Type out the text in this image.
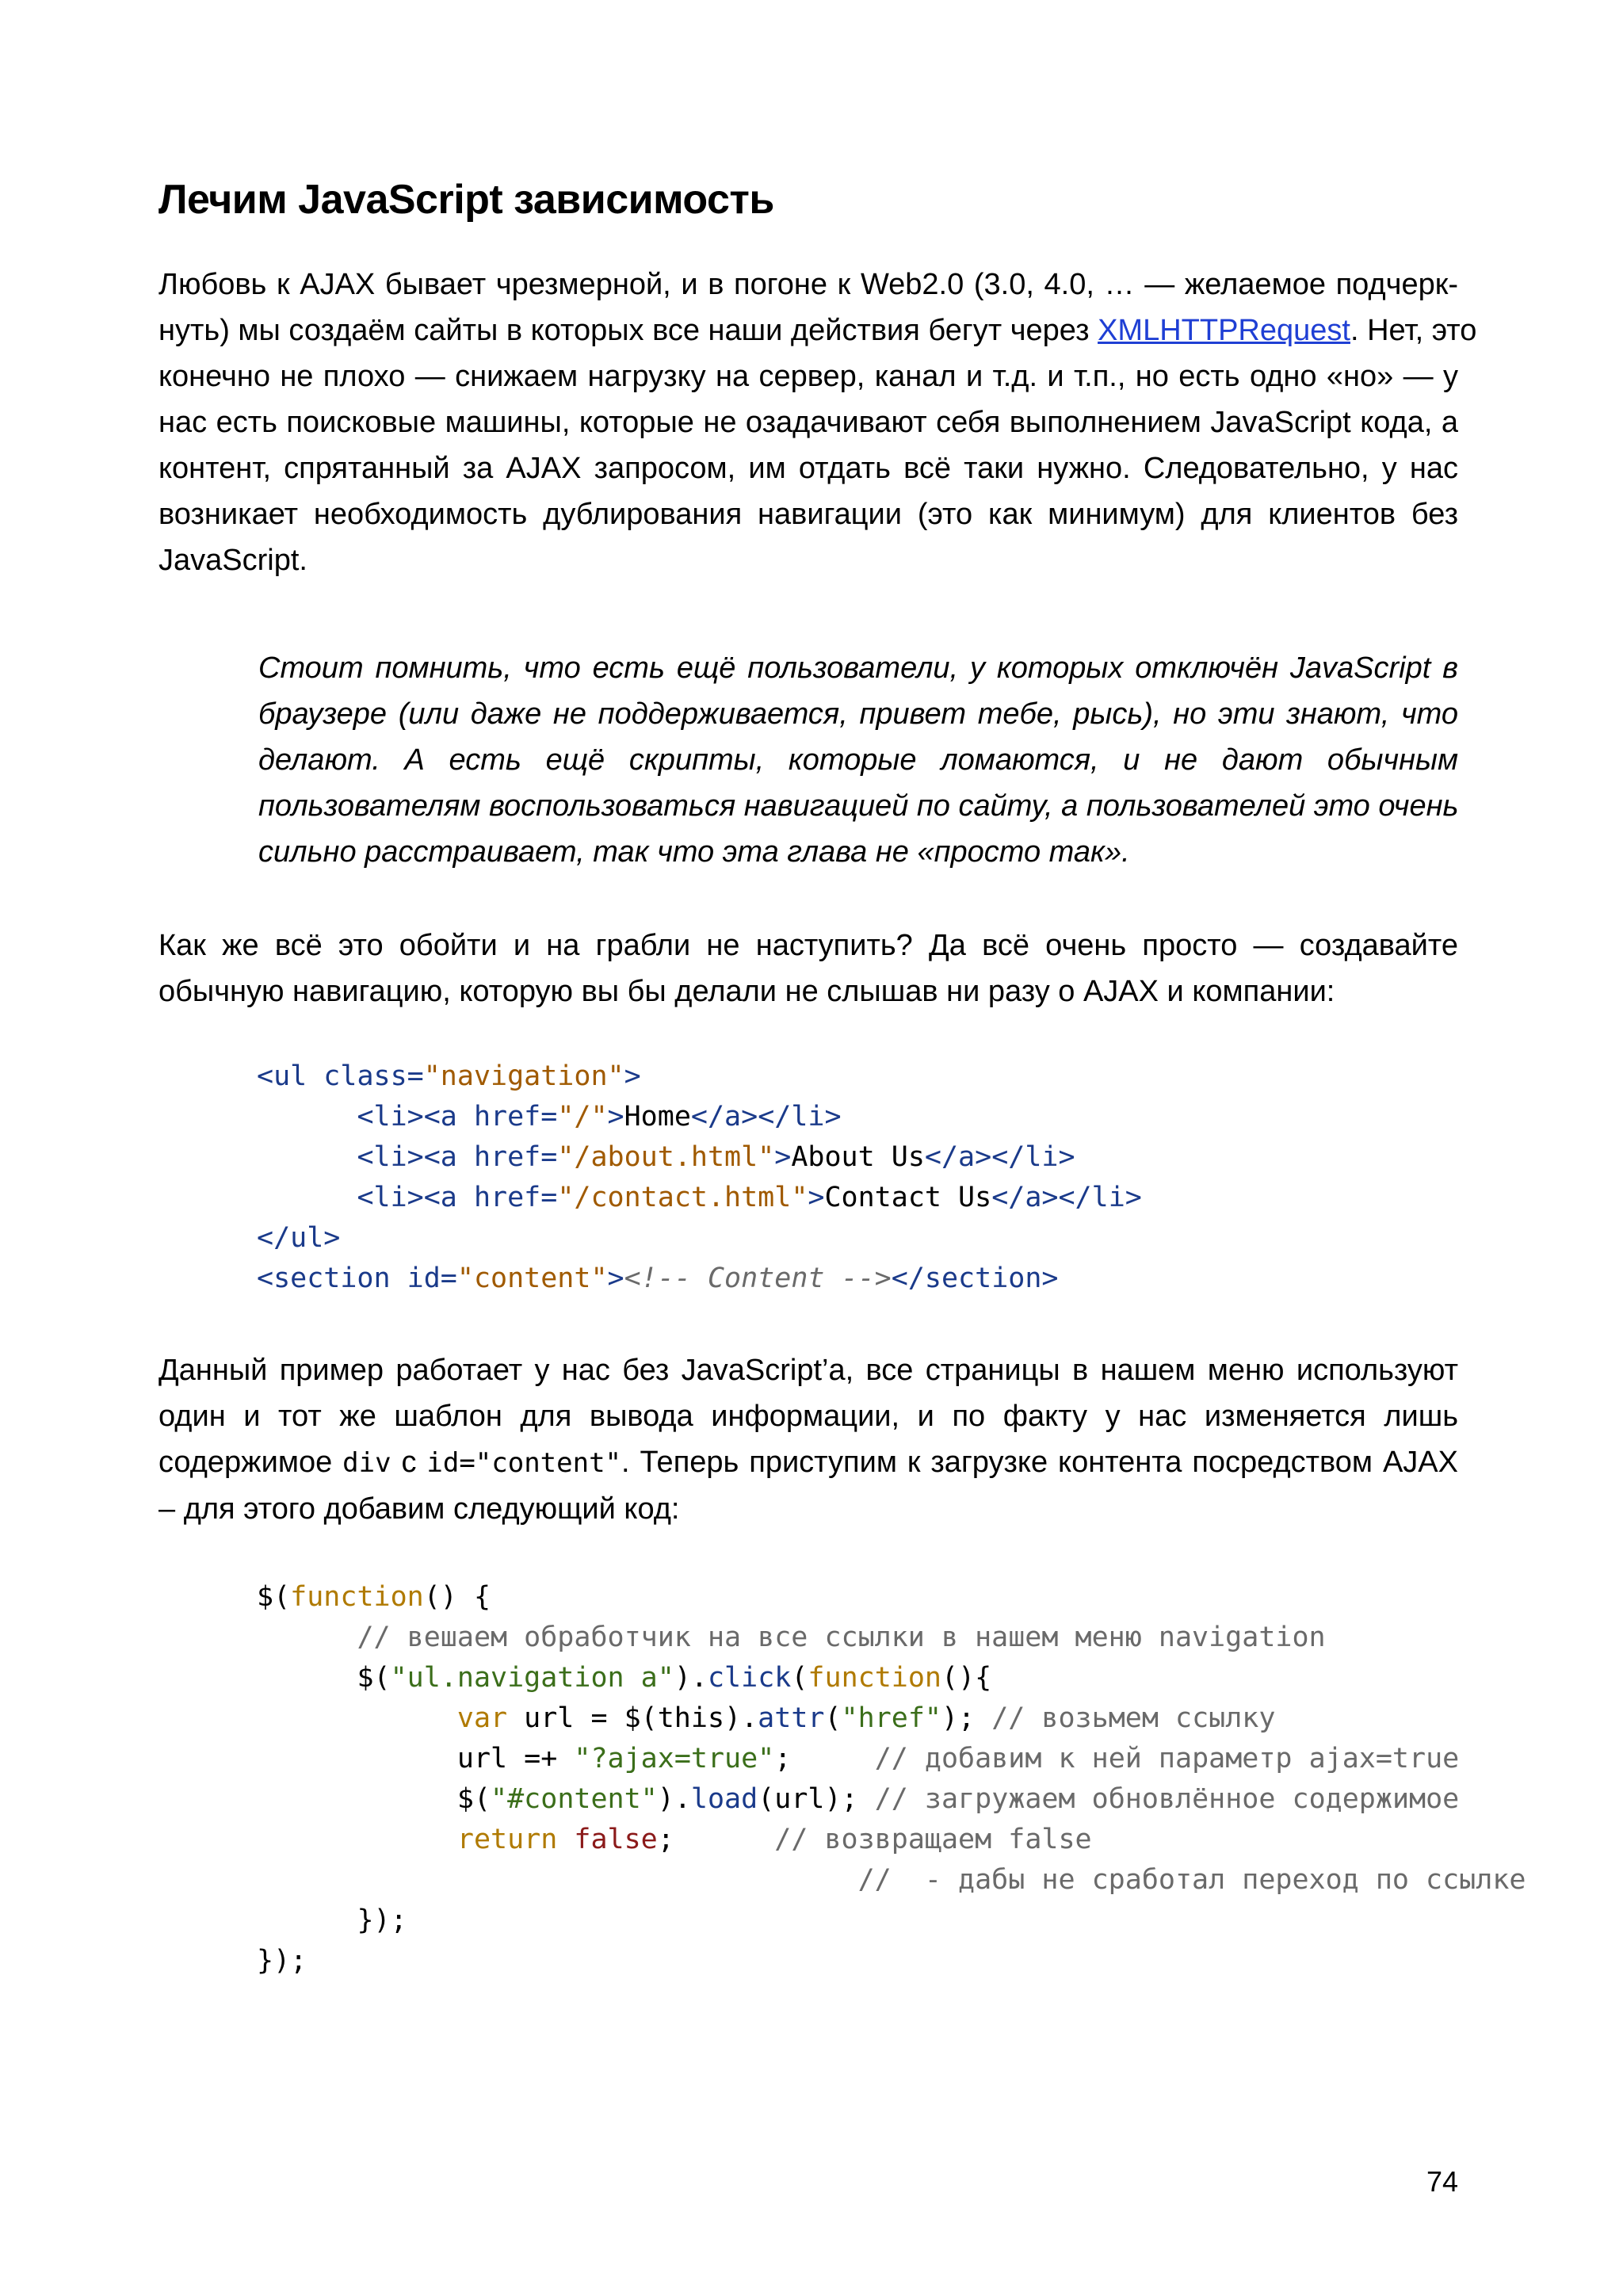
Лечим JavaScript зависимость
Любовь к AJAX бывает чрезмерной, и в погоне к Web2.0 (3.0, 4.0, … — желаемое подчерк-
нуть) мы создаём сайты в которых все наши действия бегут через XMLHTTPRequest. Нет, это
конечно не плохо — снижаем нагрузку на сервер, канал и т.д. и т.п., но есть одно «но» — у
нас есть поисковые машины, которые не озадачивают себя выполнением JavaScript кода, а
контент, спрятанный за AJAX запросом, им отдать всё таки нужно. Следовательно, у нас
возникает необходимость дублирования навигации (это как минимум) для клиентов без
JavaScript.
Стоит помнить, что есть ещё пользователи, у которых отключён JavaScript в
браузере (или даже не поддерживается, привет тебе, рысь), но эти знают, что
делают. А есть ещё скрипты, которые ломаются, и не дают обычным
пользователям воспользоваться навигацией по сайту, а пользователей это очень
сильно расстраивает, так что эта глава не «просто так».
Как же всё это обойти и на грабли не наступить? Да всё очень просто — создавайте
обычную навигацию, которую вы бы делали не слышав ни разу о AJAX и компании:
<ul class="navigation">
<li><a href="/">Home</a></li>
<li><a href="/about.html">About Us</a></li>
<li><a href="/contact.html">Contact Us</a></li>
</ul>
<section id="content"><!-- Content --></section>
Данный пример работает у нас без JavaScript’a, все страницы в нашем меню используют
один и тот же шаблон для вывода информации, и по факту у нас изменяется лишь
содержимое div с id="content". Теперь приступим к загрузке контента посредством AJAX
– для этого добавим следующий код:
$(function() {
// вешаем обработчик на все ссылки в нашем меню navigation
$("ul.navigation a").click(function(){
var url = $(this).attr("href"); // возьмем ссылку
url =+ "?ajax=true";     // добавим к ней параметр ajax=true
$("#content").load(url); // загружаем обновлённое содержимое
return false;      // возвращаем false
//  - дабы не сработал переход по ссылке
});
});
74
